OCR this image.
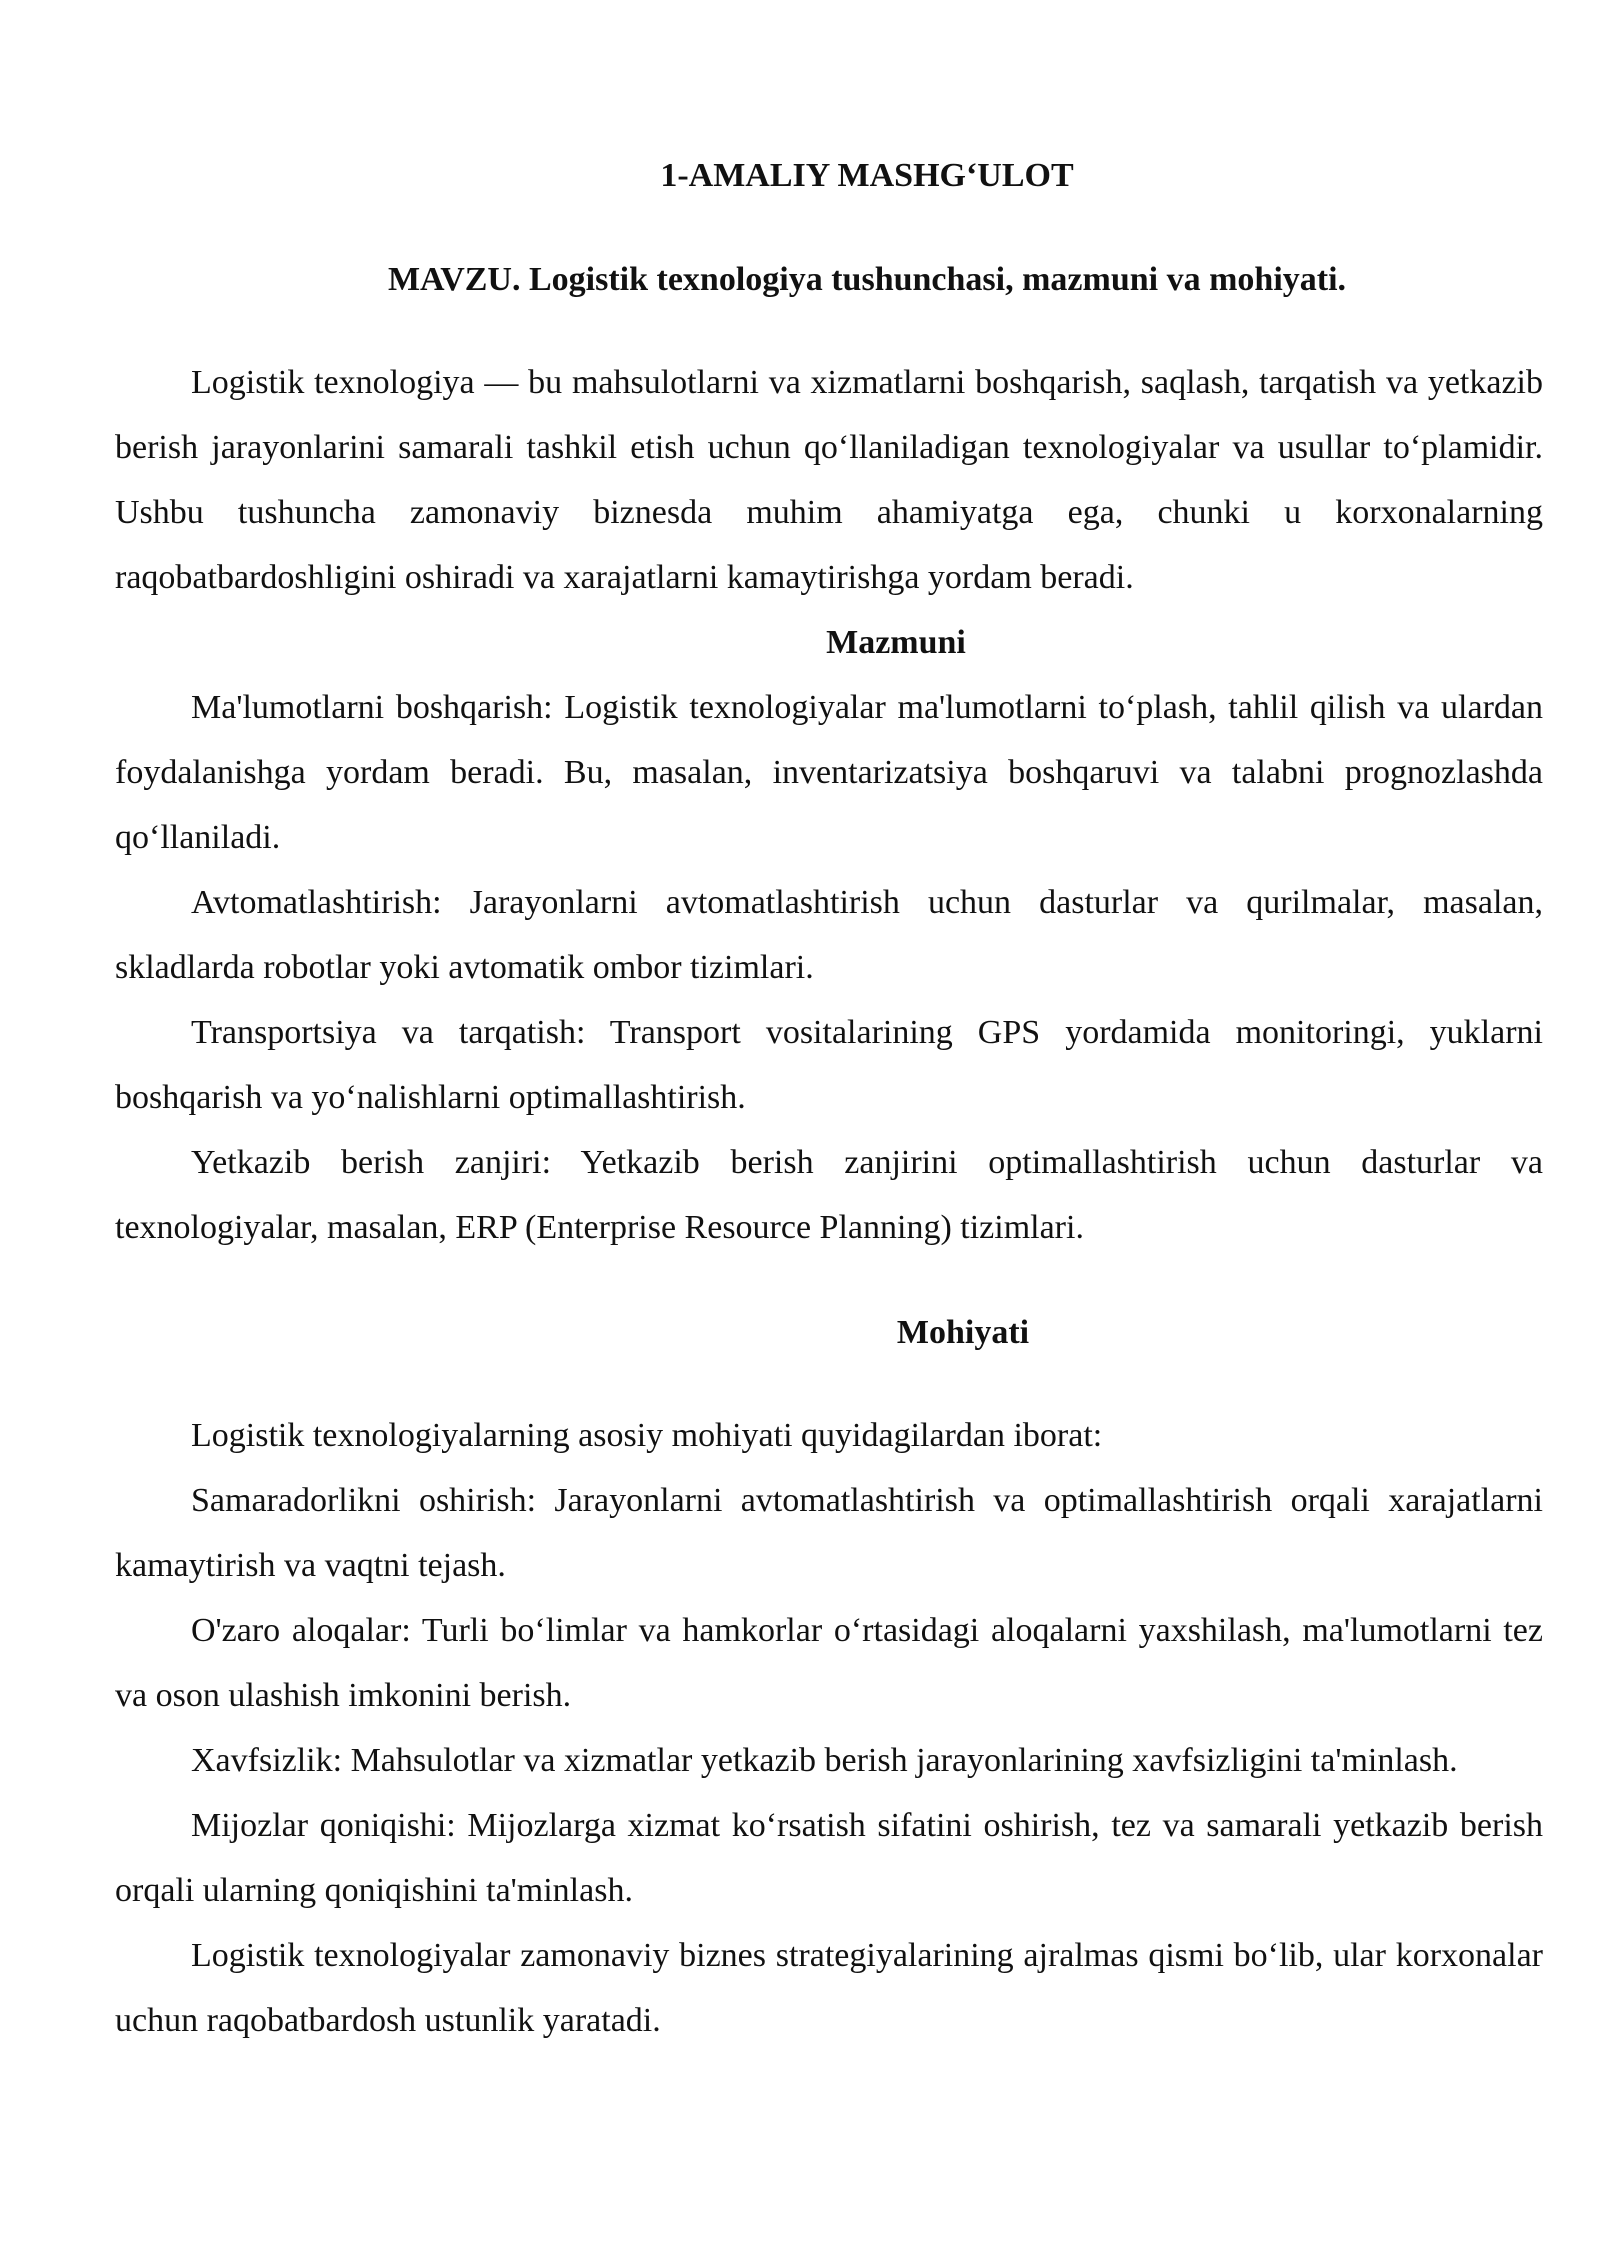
1-AMALIY MASHG‘ULOT
MAVZU. Logistik texnologiya tushunchasi, mazmuni va mohiyati.

Logistik texnologiya — bu mahsulotlarni va xizmatlarni boshqarish, saqlash, tarqatish va yetkazib berish jarayonlarini samarali tashkil etish uchun qo‘llaniladigan texnologiyalar va usullar to‘plamidir. Ushbu tushuncha zamonaviy biznesda muhim ahamiyatga ega, chunki u korxonalarning raqobatbardoshligini oshiradi va xarajatlarni kamaytirishga yordam beradi.

Mazmuni

Ma'lumotlarni boshqarish: Logistik texnologiyalar ma'lumotlarni to‘plash, tahlil qilish va ulardan foydalanishga yordam beradi. Bu, masalan, inventarizatsiya boshqaruvi va talabni prognozlashda qo‘llaniladi.

Avtomatlashtirish: Jarayonlarni avtomatlashtirish uchun dasturlar va qurilmalar, masalan, skladlarda robotlar yoki avtomatik ombor tizimlari.

Transportsiya va tarqatish: Transport vositalarining GPS yordamida monitoringi, yuklarni boshqarish va yo‘nalishlarni optimallashtirish.

Yetkazib berish zanjiri: Yetkazib berish zanjirini optimallashtirish uchun dasturlar va texnologiyalar, masalan, ERP (Enterprise Resource Planning) tizimlari.

Mohiyati

Logistik texnologiyalarning asosiy mohiyati quyidagilardan iborat:

Samaradorlikni oshirish: Jarayonlarni avtomatlashtirish va optimallashtirish orqali xarajatlarni kamaytirish va vaqtni tejash.

O'zaro aloqalar: Turli bo‘limlar va hamkorlar o‘rtasidagi aloqalarni yaxshilash, ma'lumotlarni tez va oson ulashish imkonini berish.

Xavfsizlik: Mahsulotlar va xizmatlar yetkazib berish jarayonlarining xavfsizligini ta'minlash.

Mijozlar qoniqishi: Mijozlarga xizmat ko‘rsatish sifatini oshirish, tez va samarali yetkazib berish orqali ularning qoniqishini ta'minlash.

Logistik texnologiyalar zamonaviy biznes strategiyalarining ajralmas qismi bo‘lib, ular korxonalar uchun raqobatbardosh ustunlik yaratadi.
